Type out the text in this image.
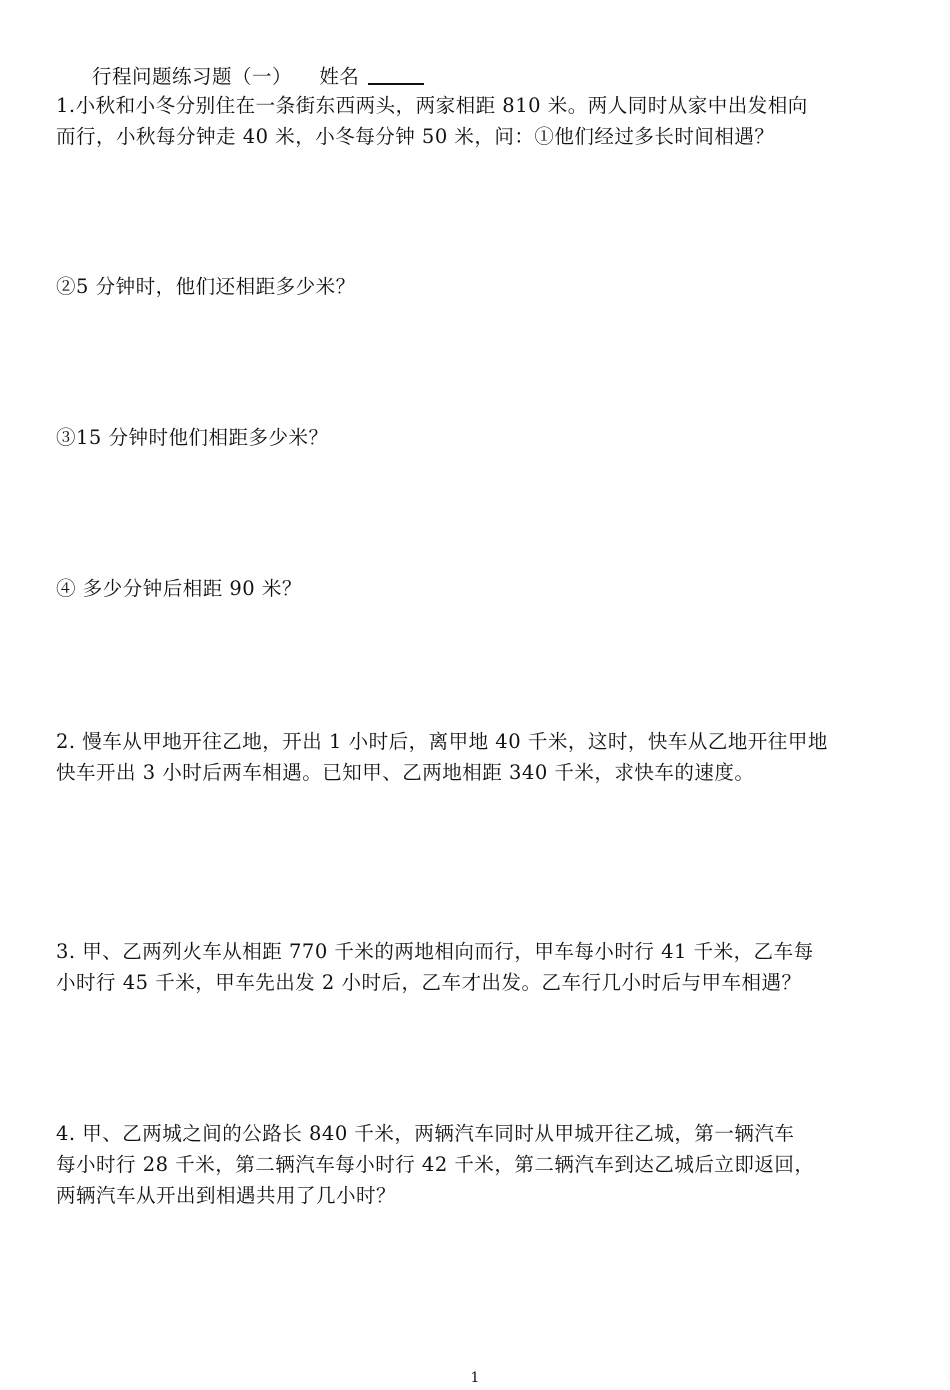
行程问题练习题（一） 姓名
1.小秋和小冬分别住在一条街东西两头，两家相距 810 米。两人同时从家中出发相向
而行，小秋每分钟走 40 米，小冬每分钟 50 米，问：①他们经过多长时间相遇？
②5 分钟时，他们还相距多少米？
③15 分钟时他们相距多少米？
④ 多少分钟后相距 90 米？
2. 慢车从甲地开往乙地，开出 1 小时后，离甲地 40 千米，这时，快车从乙地开往甲地
快车开出 3 小时后两车相遇。已知甲、乙两地相距 340 千米，求快车的速度。
3. 甲、乙两列火车从相距 770 千米的两地相向而行，甲车每小时行 41 千米，乙车每
小时行 45 千米，甲车先出发 2 小时后，乙车才出发。乙车行几小时后与甲车相遇？
4. 甲、乙两城之间的公路长 840 千米，两辆汽车同时从甲城开往乙城，第一辆汽车
每小时行 28 千米，第二辆汽车每小时行 42 千米，第二辆汽车到达乙城后立即返回，
两辆汽车从开出到相遇共用了几小时？
1
